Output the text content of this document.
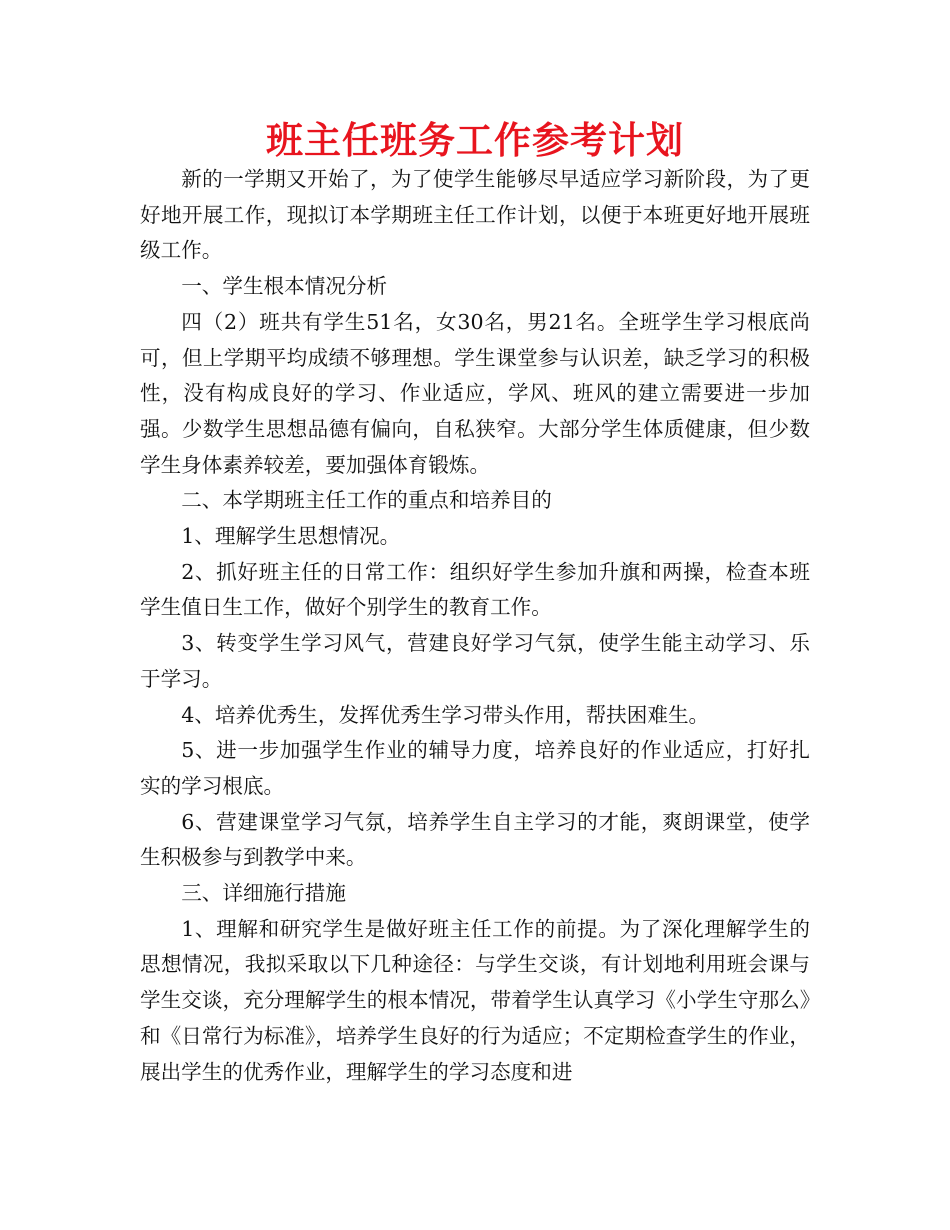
班主任班务工作参考计划

新的一学期又开始了，为了使学生能够尽早适应学习新阶段，为了更好地开展工作，现拟订本学期班主任工作计划，以便于本班更好地开展班级工作。

一、学生根本情况分析

四（2）班共有学生51名，女30名，男21名。全班学生学习根底尚可，但上学期平均成绩不够理想。学生课堂参与认识差，缺乏学习的积极性，没有构成良好的学习、作业适应，学风、班风的建立需要进一步加强。少数学生思想品德有偏向，自私狭窄。大部分学生体质健康，但少数学生身体素养较差，要加强体育锻炼。

二、本学期班主任工作的重点和培养目的

1、理解学生思想情况。

2、抓好班主任的日常工作：组织好学生参加升旗和两操，检查本班学生值日生工作，做好个别学生的教育工作。

3、转变学生学习风气，营建良好学习气氛，使学生能主动学习、乐于学习。

4、培养优秀生，发挥优秀生学习带头作用，帮扶困难生。

5、进一步加强学生作业的辅导力度，培养良好的作业适应，打好扎实的学习根底。

6、营建课堂学习气氛，培养学生自主学习的才能，爽朗课堂，使学生积极参与到教学中来。

三、详细施行措施

1、理解和研究学生是做好班主任工作的前提。为了深化理解学生的思想情况，我拟采取以下几种途径：与学生交谈，有计划地利用班会课与学生交谈，充分理解学生的根本情况，带着学生认真学习《小学生守那么》和《日常行为标准》，培养学生良好的行为适应；不定期检查学生的作业，展出学生的优秀作业，理解学生的学习态度和进
